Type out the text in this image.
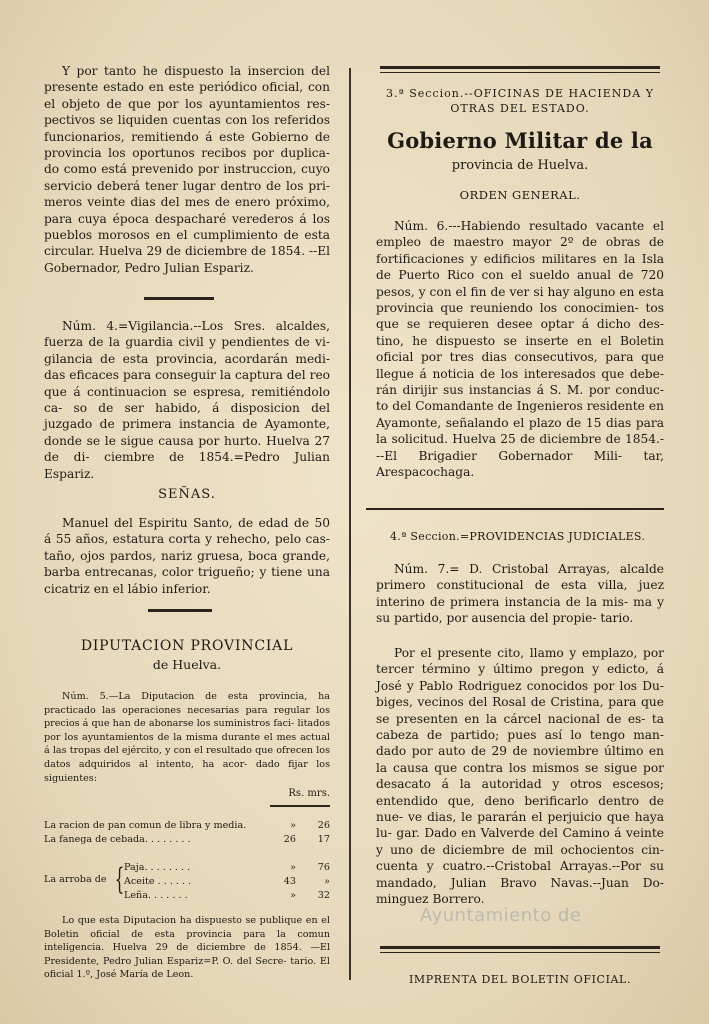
Y por tanto he dispuesto la insercion del presente estado en este periódico oficial, con el objeto de que por los ayuntamientos res- pectivos se liquiden cuentas con los referidos funcionarios, remitiendo á este Gobierno de provincia los oportunos recibos por duplica- do como está prevenido por instruccion, cuyo servicio deberá tener lugar dentro de los pri- meros veinte dias del mes de enero próximo, para cuya época despacharé verederos á los pueblos morosos en el cumplimiento de esta circular. Huelva 29 de diciembre de 1854. --El Gobernador, Pedro Julian Espariz.

Núm. 4.=Vigilancia.--Los Sres. alcaldes, fuerza de la guardia civil y pendientes de vi- gilancia de esta provincia, acordarán medi- das eficaces para conseguir la captura del reo que á continuacion se espresa, remitiéndolo ca- so de ser habido, á disposicion del juzgado de primera instancia de Ayamonte, donde se le sigue causa por hurto. Huelva 27 de di- ciembre de 1854.=Pedro Julian Espariz.

SEÑAS.

Manuel del Espiritu Santo, de edad de 50 á 55 años, estatura corta y rehecho, pelo cas- taño, ojos pardos, nariz gruesa, boca grande, barba entrecanas, color trigueño; y tiene una cicatriz en el lábio inferior.

DIPUTACION PROVINCIAL
de Huelva.

Núm. 5.—La Diputacion de esta provincia, ha practicado las operaciones necesarias para regular los precios á que han de abonarse los suministros faci- litados por los ayuntamientos de la misma durante el mes actual á las tropas del ejército, y con el resultado que ofrecen los datos adquiridos al intento, ha acor- dado fijar los siguientes:

Rs. mrs.
La racion de pan comun de libra y media.	»	26
La fanega de cebada. . . . . . . .	26	17
La arroba de { Paja. . . . . . . .	»	76
Aceite . . . . . .	43	»
Leña. . . . . . .	»	32

Lo que esta Diputacion ha dispuesto se publique en el Boletin oficial de esta provincia para la comun inteligencia. Huelva 29 de diciembre de 1854. —El Presidente, Pedro Julian Espariz=P. O. del Secre- tario. El oficial 1.º, José María de Leon.

3.ª Seccion.--OFICINAS DE HACIENDA Y OTRAS DEL ESTADO.
Gobierno Militar de la
provincia de Huelva.
ORDEN GENERAL.

Núm. 6.---Habiendo resultado vacante el empleo de maestro mayor 2º de obras de fortificaciones y edificios militares en la Isla de Puerto Rico con el sueldo anual de 720 pesos, y con el fin de ver si hay alguno en esta provincia que reuniendo los conocimien- tos que se requieren desee optar á dicho des- tino, he dispuesto se inserte en el Boletin oficial por tres dias consecutivos, para que llegue á noticia de los interesados que debe- rán dirijir sus instancias á S. M. por conduc- to del Comandante de Ingenieros residente en Ayamonte, señalando el plazo de 15 dias para la solicitud. Huelva 25 de diciembre de 1854.---El Brigadier Gobernador Mili- tar, Arespacochaga.

4.ª Seccion.=PROVIDENCIAS JUDICIALES.

Núm. 7.= D. Cristobal Arrayas, alcalde primero constitucional de esta villa, juez interino de primera instancia de la mis- ma y su partido, por ausencia del propie- tario.

Por el presente cito, llamo y emplazo, por tercer término y último pregon y edicto, á José y Pablo Rodriguez conocidos por los Du- biges, vecinos del Rosal de Cristina, para que se presenten en la cárcel nacional de es- ta cabeza de partido; pues así lo tengo man- dado por auto de 29 de noviembre último en la causa que contra los mismos se sigue por desacato á la autoridad y otros escesos; entendido que, deno berificarlo dentro de nue- ve dias, le pararán el perjuicio que haya lu- gar. Dado en Valverde del Camino á veinte y uno de diciembre de mil ochocientos cin- cuenta y cuatro.--Cristobal Arrayas.--Por su mandado, Julian Bravo Navas.--Juan Do- minguez Borrero.

IMPRENTA DEL BOLETIN OFICIAL.
Ayuntamiento de
